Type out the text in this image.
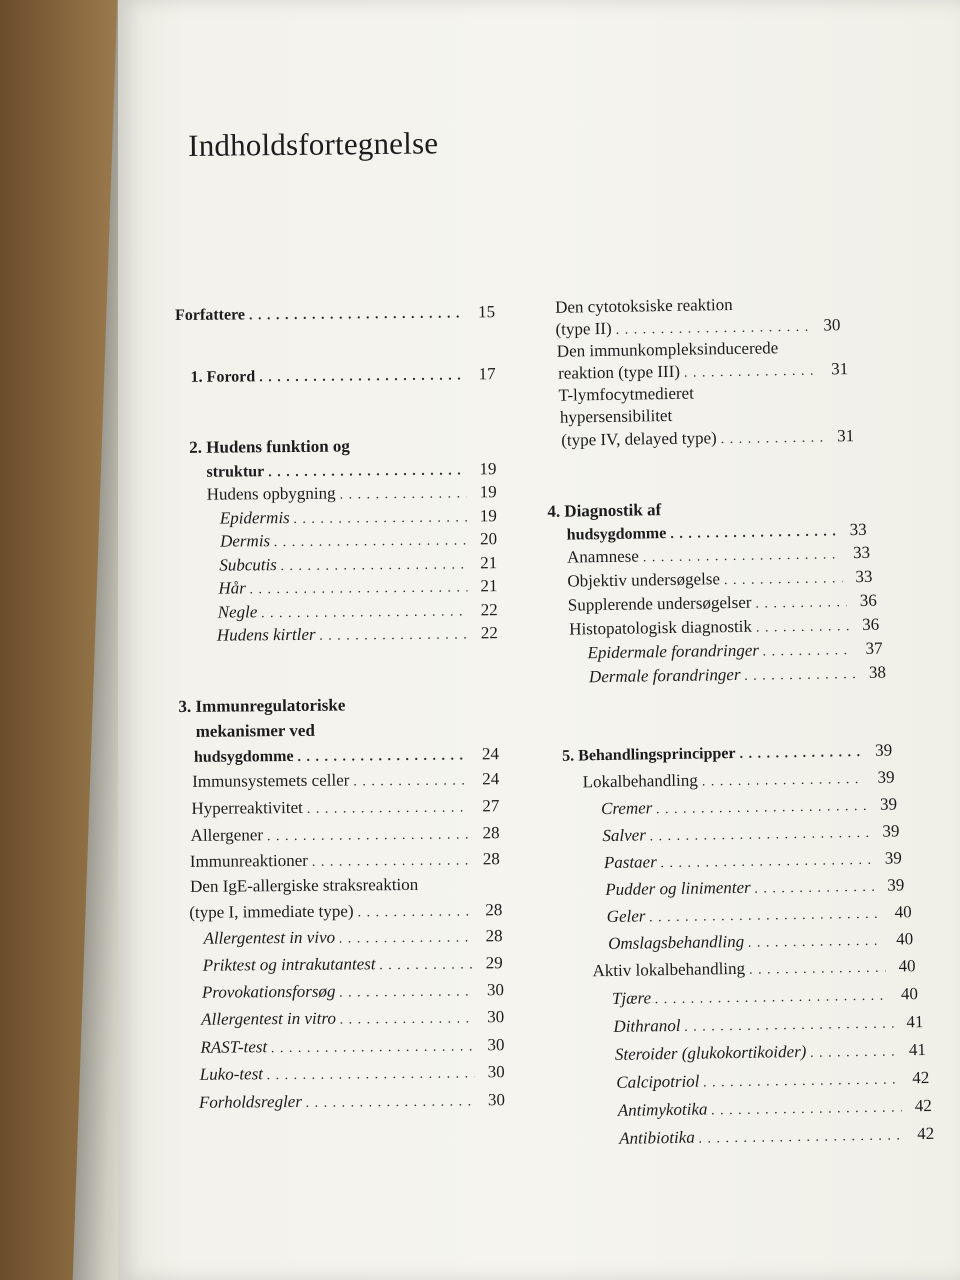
Indholdsfortegnelse
Forfattere . . .	15
1. Forord . . .	17
2. Hudens funktion og
struktur . . .	19
Hudens opbygning . . .	19
Epidermis . . .	19
Dermis . . .	20
Subcutis . . .	21
Hår . . .	21
Negle . . .	22
Hudens kirtler . . .	22
3. Immunregulatoriske
mekanismer ved
hudsygdomme . . .	24
Immunsystemets celler . . .	24
Hyperreaktivitet . . .	27
Allergener . . .	28
Immunreaktioner . . .	28
Den IgE-allergiske straksreaktion
(type I, immediate type) . . .	28
Allergentest in vivo . . .	28
Priktest og intrakutantest . . .	29
Provokationsforsøg . . .	30
Allergentest in vitro . . .	30
RAST-test . . .	30
Luko-test . . .	30
Forholdsregler . . .	30
Den cytotoksiske reaktion
(type II) . . .	30
Den immunkompleksinducerede
reaktion (type III) . . .	31
T-lymfocytmedieret
hypersensibilitet
(type IV, delayed type) . . .	31
4. Diagnostik af
hudsygdomme . . .	33
Anamnese . . .	33
Objektiv undersøgelse . . .	33
Supplerende undersøgelser . . .	36
Histopatologisk diagnostik . . .	36
Epidermale forandringer . . .	37
Dermale forandringer . . .	38
5. Behandlingsprincipper . . .	39
Lokalbehandling . . .	39
Cremer . . .	39
Salver . . .	39
Pastaer . . .	39
Pudder og linimenter . . .	39
Geler . . .	40
Omslagsbehandling . . .	40
Aktiv lokalbehandling . . .	40
Tjære . . .	40
Dithranol . . .	41
Steroider (glukokortikoider) . . .	41
Calcipotriol . . .	42
Antimykotika . . .	42
Antibiotika . . .	42
